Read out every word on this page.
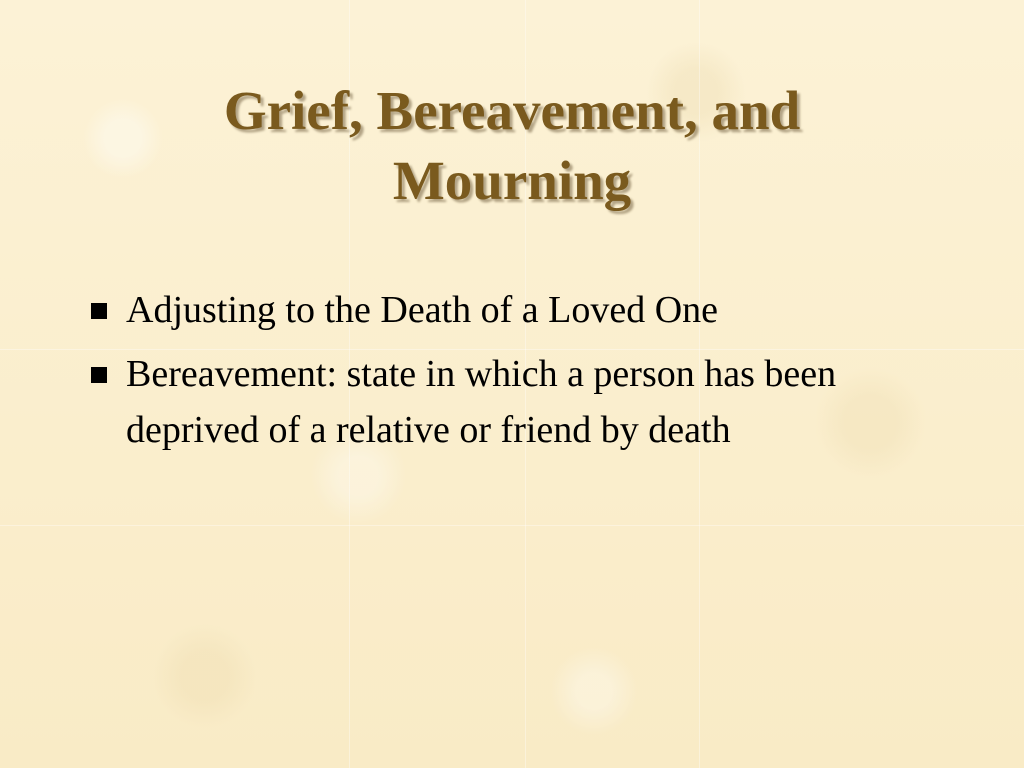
Grief, Bereavement, and
Mourning
Adjusting to the Death of a Loved One
Bereavement: state in which a person has been deprived of a relative or friend by death
